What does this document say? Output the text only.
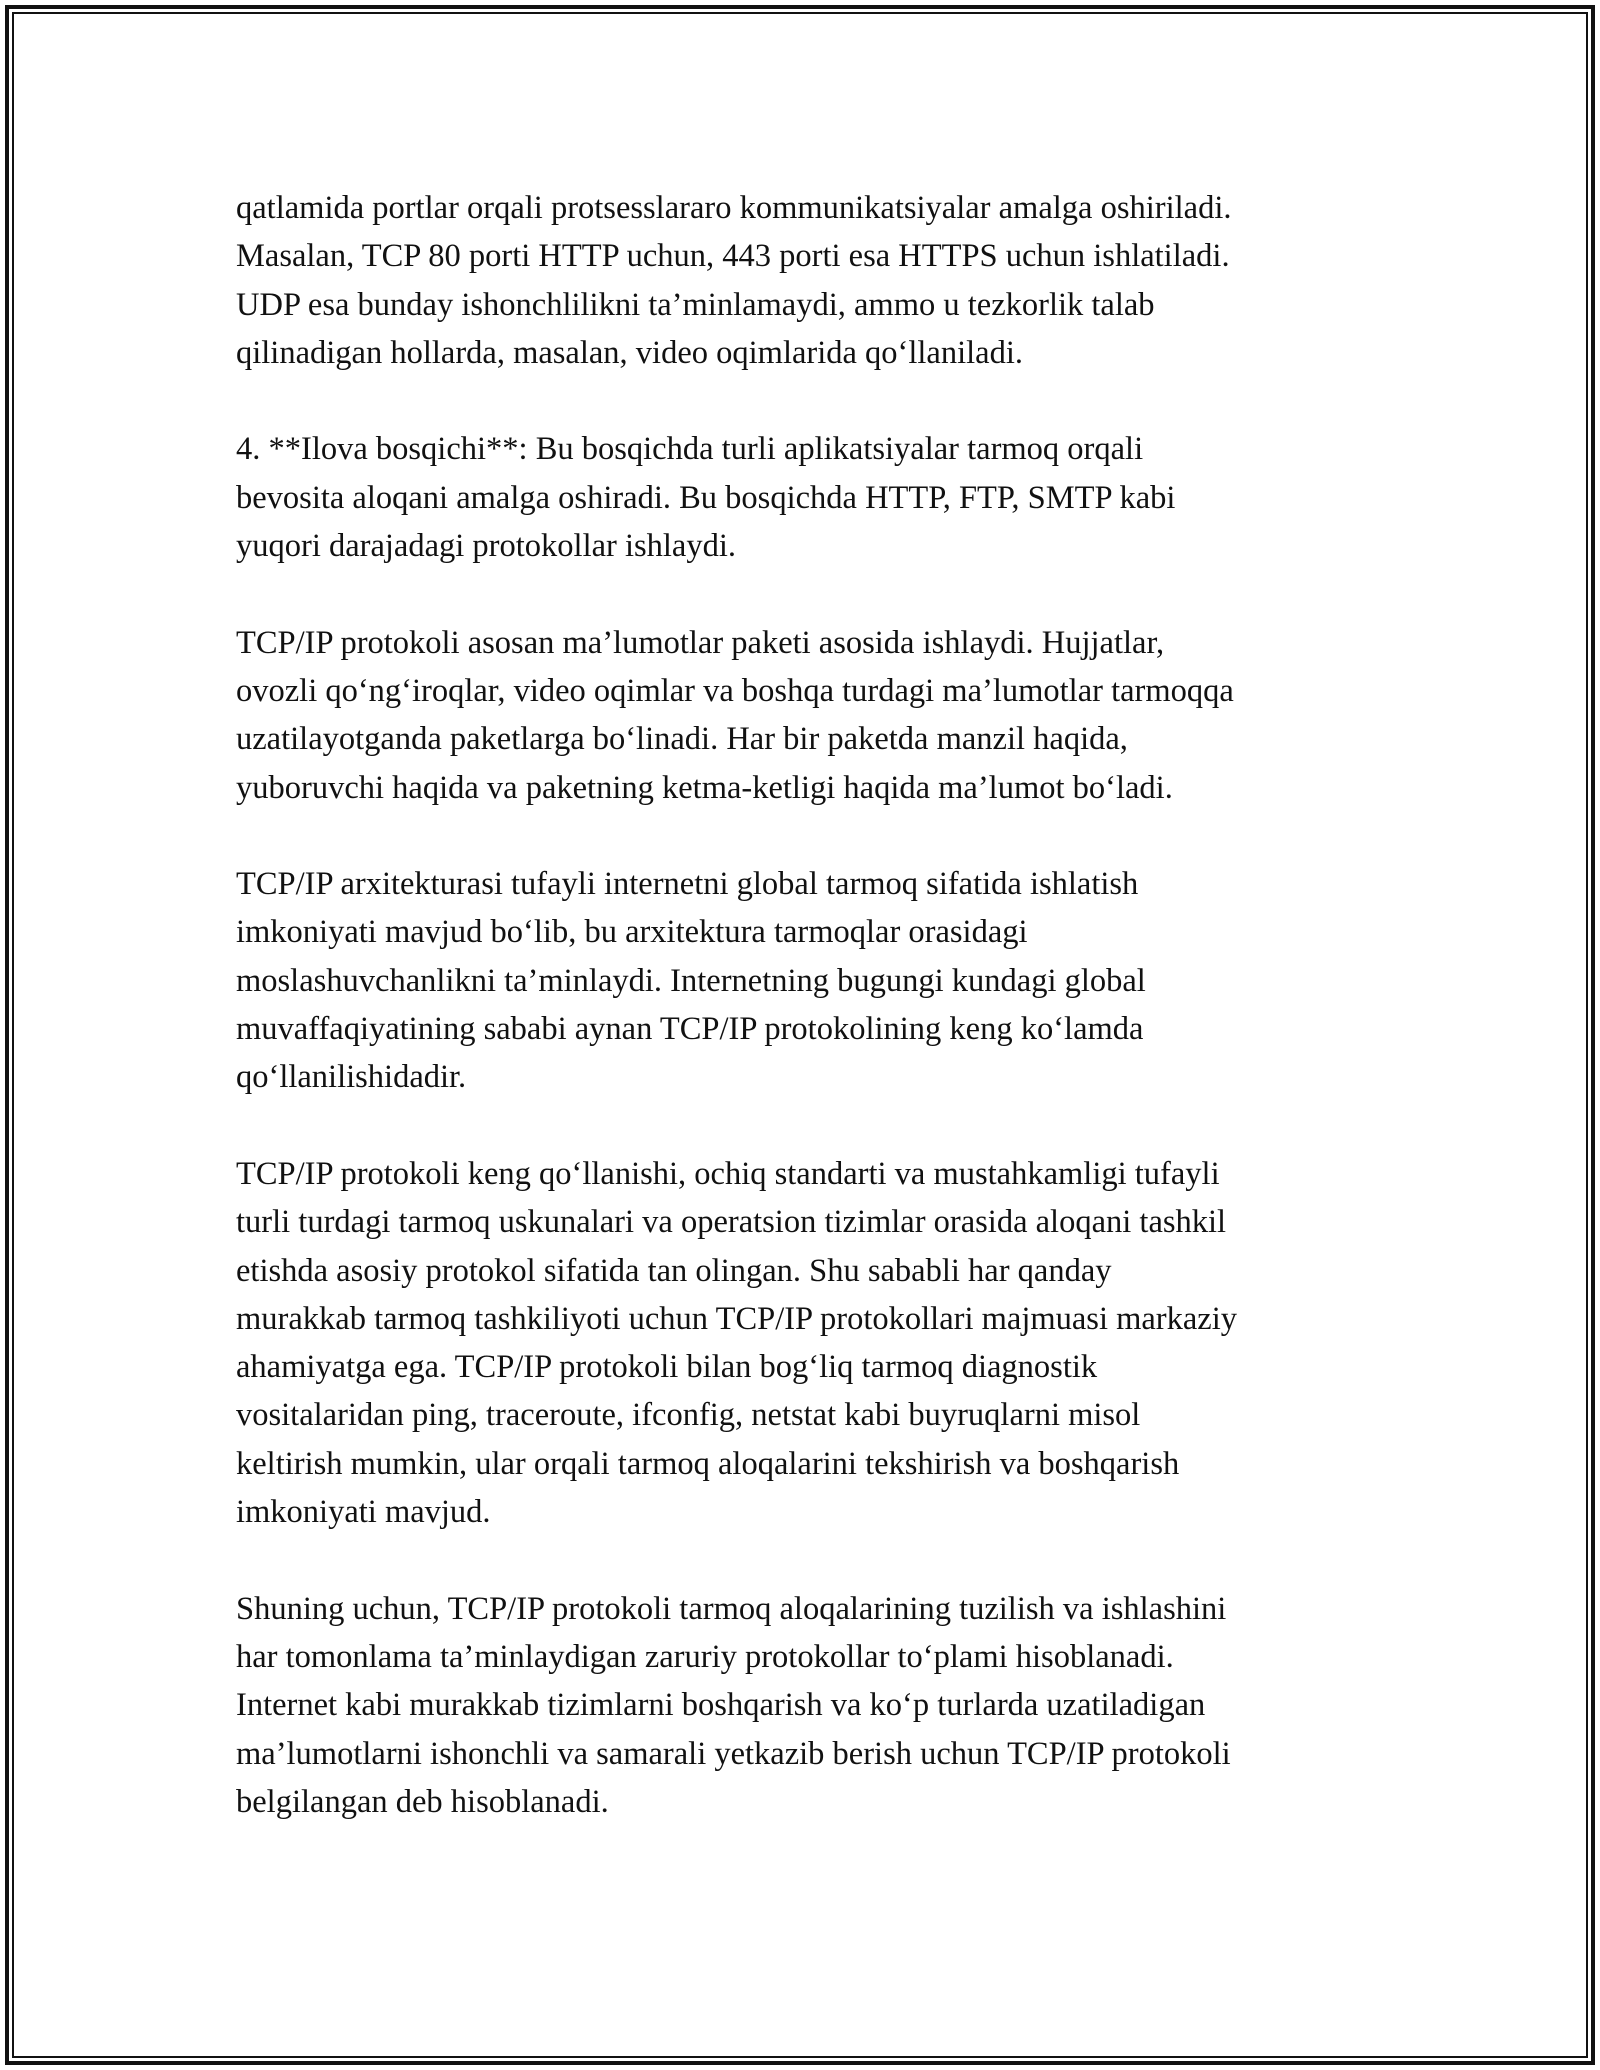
qatlamida portlar orqali protsesslararo kommunikatsiyalar amalga oshiriladi.
Masalan, TCP 80 porti HTTP uchun, 443 porti esa HTTPS uchun ishlatiladi.
UDP esa bunday ishonchlilikni ta’minlamaydi, ammo u tezkorlik talab
qilinadigan hollarda, masalan, video oqimlarida qo‘llaniladi.

4. **Ilova bosqichi**: Bu bosqichda turli aplikatsiyalar tarmoq orqali
bevosita aloqani amalga oshiradi. Bu bosqichda HTTP, FTP, SMTP kabi
yuqori darajadagi protokollar ishlaydi.

TCP/IP protokoli asosan ma’lumotlar paketi asosida ishlaydi. Hujjatlar,
ovozli qo‘ng‘iroqlar, video oqimlar va boshqa turdagi ma’lumotlar tarmoqqa
uzatilayotganda paketlarga bo‘linadi. Har bir paketda manzil haqida,
yuboruvchi haqida va paketning ketma-ketligi haqida ma’lumot bo‘ladi.

TCP/IP arxitekturasi tufayli internetni global tarmoq sifatida ishlatish
imkoniyati mavjud bo‘lib, bu arxitektura tarmoqlar orasidagi
moslashuvchanlikni ta’minlaydi. Internetning bugungi kundagi global
muvaffaqiyatining sababi aynan TCP/IP protokolining keng ko‘lamda
qo‘llanilishidadir.

TCP/IP protokoli keng qo‘llanishi, ochiq standarti va mustahkamligi tufayli
turli turdagi tarmoq uskunalari va operatsion tizimlar orasida aloqani tashkil
etishda asosiy protokol sifatida tan olingan. Shu sababli har qanday
murakkab tarmoq tashkiliyoti uchun TCP/IP protokollari majmuasi markaziy
ahamiyatga ega. TCP/IP protokoli bilan bog‘liq tarmoq diagnostik
vositalaridan ping, traceroute, ifconfig, netstat kabi buyruqlarni misol
keltirish mumkin, ular orqali tarmoq aloqalarini tekshirish va boshqarish
imkoniyati mavjud.

Shuning uchun, TCP/IP protokoli tarmoq aloqalarining tuzilish va ishlashini
har tomonlama ta’minlaydigan zaruriy protokollar to‘plami hisoblanadi.
Internet kabi murakkab tizimlarni boshqarish va ko‘p turlarda uzatiladigan
ma’lumotlarni ishonchli va samarali yetkazib berish uchun TCP/IP protokoli
belgilangan deb hisoblanadi.
